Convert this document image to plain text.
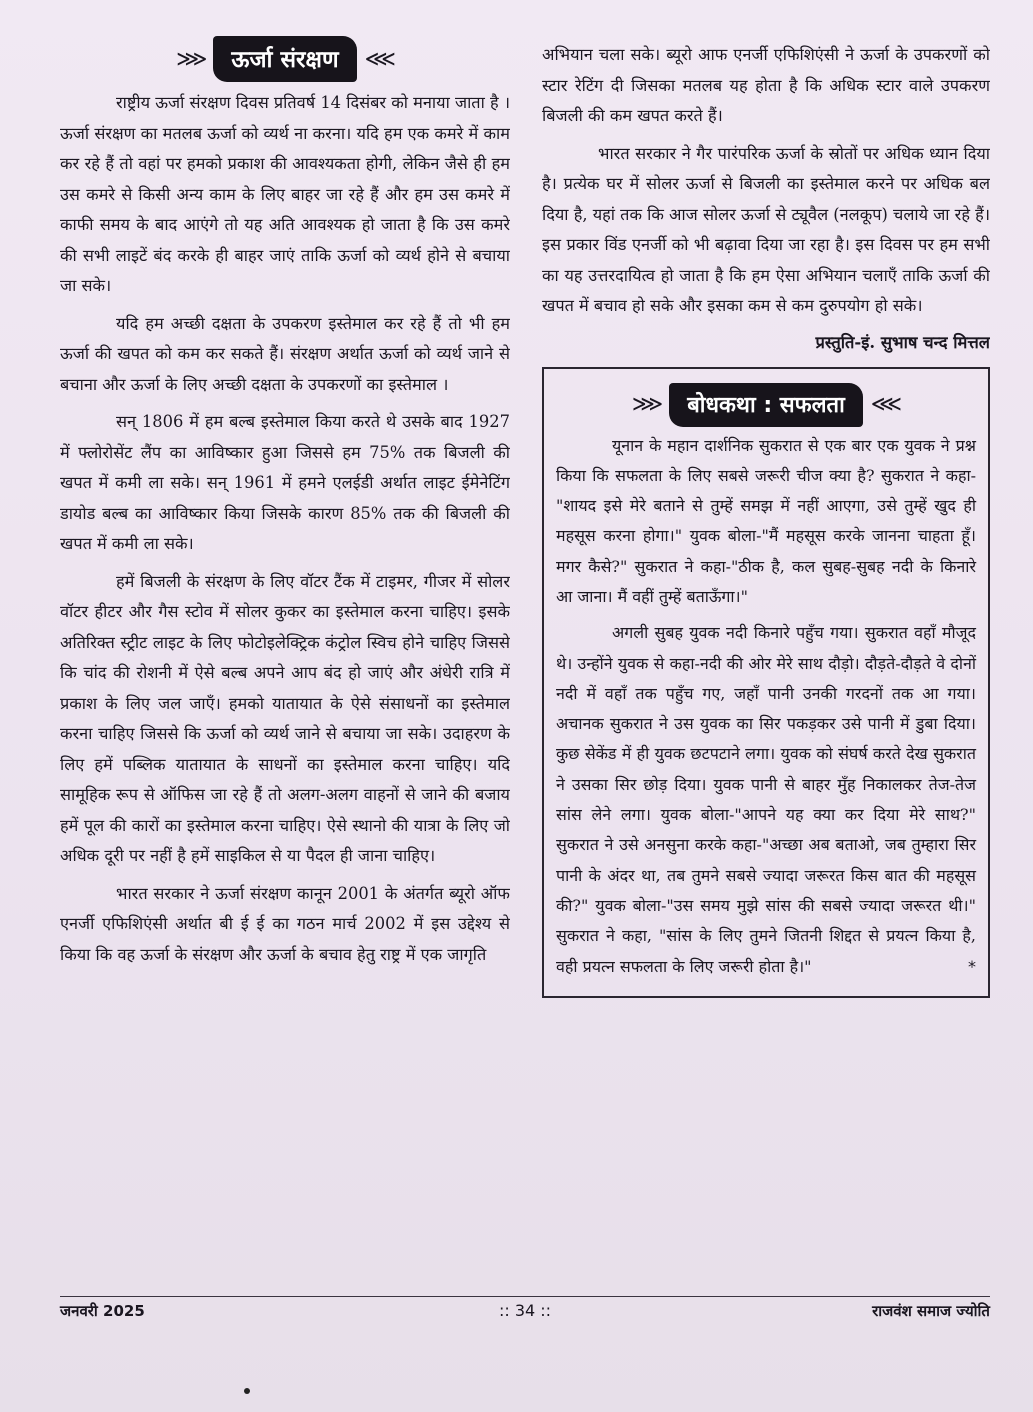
⋙	ऊर्जा संरक्षण	⋘

राष्ट्रीय ऊर्जा संरक्षण दिवस प्रतिवर्ष 14 दिसंबर को मनाया जाता है । ऊर्जा संरक्षण का मतलब ऊर्जा को व्यर्थ ना करना। यदि हम एक कमरे में काम कर रहे हैं तो वहां पर हमको प्रकाश की आवश्यकता होगी, लेकिन जैसे ही हम उस कमरे से किसी अन्य काम के लिए बाहर जा रहे हैं और हम उस कमरे में काफी समय के बाद आएंगे तो यह अति आवश्यक हो जाता है कि उस कमरे की सभी लाइटें बंद करके ही बाहर जाएं ताकि ऊर्जा को व्यर्थ होने से बचाया जा सके।

यदि हम अच्छी दक्षता के उपकरण इस्तेमाल कर रहे हैं तो भी हम ऊर्जा की खपत को कम कर सकते हैं। संरक्षण अर्थात ऊर्जा को व्यर्थ जाने से बचाना और ऊर्जा के लिए अच्छी दक्षता के उपकरणों का इस्तेमाल ।

सन् 1806 में हम बल्ब इस्तेमाल किया करते थे उसके बाद 1927 में फ्लोरोसेंट लैंप का आविष्कार हुआ जिससे हम 75% तक बिजली की खपत में कमी ला सके। सन् 1961 में हमने एलईडी अर्थात लाइट ईमेनेटिंग डायोड बल्ब का आविष्कार किया जिसके कारण 85% तक की बिजली की खपत में कमी ला सके।

हमें बिजली के संरक्षण के लिए वॉटर टैंक में टाइमर, गीजर में सोलर वॉटर हीटर और गैस स्टोव में सोलर कुकर का इस्तेमाल करना चाहिए। इसके अतिरिक्त स्ट्रीट लाइट के लिए फोटोइलेक्ट्रिक कंट्रोल स्विच होने चाहिए जिससे कि चांद की रोशनी में ऐसे बल्ब अपने आप बंद हो जाएं और अंधेरी रात्रि में प्रकाश के लिए जल जाएँ। हमको यातायात के ऐसे संसाधनों का इस्तेमाल करना चाहिए जिससे कि ऊर्जा को व्यर्थ जाने से बचाया जा सके। उदाहरण के लिए हमें पब्लिक यातायात के साधनों का इस्तेमाल करना चाहिए। यदि सामूहिक रूप से ऑफिस जा रहे हैं तो अलग-अलग वाहनों से जाने की बजाय हमें पूल की कारों का इस्तेमाल करना चाहिए। ऐसे स्थानो की यात्रा के लिए जो अधिक दूरी पर नहीं है हमें साइकिल से या पैदल ही जाना चाहिए।

भारत सरकार ने ऊर्जा संरक्षण कानून 2001 के अंतर्गत ब्यूरो ऑफ एनर्जी एफिशिएंसी अर्थात बी ई ई का गठन मार्च 2002 में इस उद्देश्य से किया कि वह ऊर्जा के संरक्षण और ऊर्जा के बचाव हेतु राष्ट्र में एक जागृति

अभियान चला सके। ब्यूरो आफ एनर्जी एफिशिएंसी ने ऊर्जा के उपकरणों को स्टार रेटिंग दी जिसका मतलब यह होता है कि अधिक स्टार वाले उपकरण बिजली की कम खपत करते हैं।

भारत सरकार ने गैर पारंपरिक ऊर्जा के स्रोतों पर अधिक ध्यान दिया है। प्रत्येक घर में सोलर ऊर्जा से बिजली का इस्तेमाल करने पर अधिक बल दिया है, यहां तक कि आज सोलर ऊर्जा से ट्यूवैल (नलकूप) चलाये जा रहे हैं। इस प्रकार विंड एनर्जी को भी बढ़ावा दिया जा रहा है। इस दिवस पर हम सभी का यह उत्तरदायित्व हो जाता है कि हम ऐसा अभियान चलाएँ ताकि ऊर्जा की खपत में बचाव हो सके और इसका कम से कम दुरुपयोग हो सके।

प्रस्तुति-इं. सुभाष चन्द मित्तल
⋙	बोधकथा : सफलता	⋘

यूनान के महान दार्शनिक सुकरात से एक बार एक युवक ने प्रश्न किया कि सफलता के लिए सबसे जरूरी चीज क्या है? सुकरात ने कहा-"शायद इसे मेरे बताने से तुम्हें समझ में नहीं आएगा, उसे तुम्हें खुद ही महसूस करना होगा।" युवक बोला-"मैं महसूस करके जानना चाहता हूँ। मगर कैसे?" सुकरात ने कहा-"ठीक है, कल सुबह-सुबह नदी के किनारे आ जाना। मैं वहीं तुम्हें बताऊँगा।"

अगली सुबह युवक नदी किनारे पहुँच गया। सुकरात वहाँ मौजूद थे। उन्होंने युवक से कहा-नदी की ओर मेरे साथ दौड़ो। दौड़ते-दौड़ते वे दोनों नदी में वहाँ तक पहुँच गए, जहाँ पानी उनकी गरदनों तक आ गया। अचानक सुकरात ने उस युवक का सिर पकड़कर उसे पानी में डुबा दिया। कुछ सेकेंड में ही युवक छटपटाने लगा। युवक को संघर्ष करते देख सुकरात ने उसका सिर छोड़ दिया। युवक पानी से बाहर मुँह निकालकर तेज-तेज सांस लेने लगा। युवक बोला-"आपने यह क्या कर दिया मेरे साथ?" सुकरात ने उसे अनसुना करके कहा-"अच्छा अब बताओ, जब तुम्हारा सिर पानी के अंदर था, तब तुमने सबसे ज्यादा जरूरत किस बात की महसूस की?" युवक बोला-"उस समय मुझे सांस की सबसे ज्यादा जरूरत थी।" सुकरात ने कहा, "सांस के लिए तुमने जितनी शिद्दत से प्रयत्न किया है, वही प्रयत्न सफलता के लिए जरूरी होता है।"	*

जनवरी 2025	:: 34 ::	राजवंश समाज ज्योति
